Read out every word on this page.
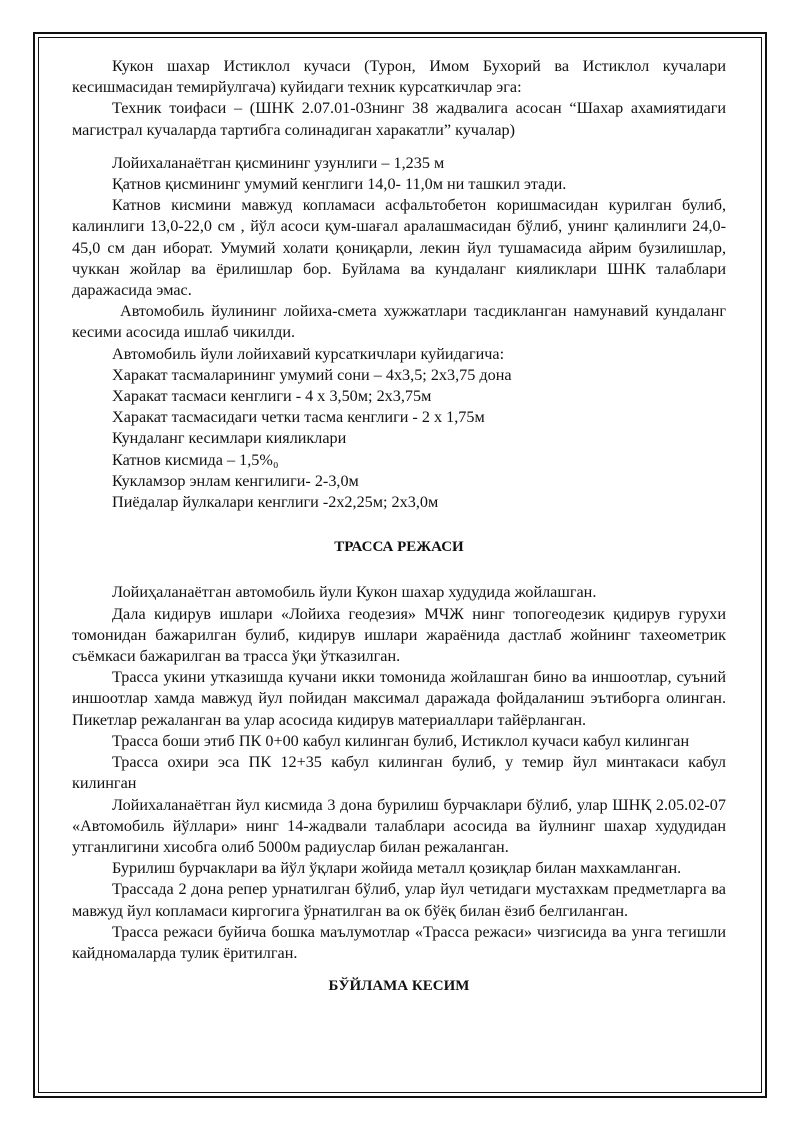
Кукон шахар Истиклол кучаси (Турон, Имом Бухорий ва Истиклол кучалари кесишмасидан темирйулгача) куйидаги техник курсаткичлар эга:

Техник тоифаси – (ШНК 2.07.01-03нинг 38 жадвалига асосан “Шахар ахамиятидаги магистрал кучаларда тартибга солинадиган харакатли” кучалар)

Лойихаланаётган қисмининг узунлиги – 1,235 м

Қатнов қисмининг умумий кенглиги 14,0- 11,0м ни ташкил этади.

Катнов кисмини мавжуд копламаси асфальтобетон коришмасидан курилган булиб, калинлиги 13,0-22,0 см , йўл асоси қум-шағал аралашмасидан бўлиб, унинг қалинлиги 24,0-45,0 см дан иборат. Умумий холати қониқарли, лекин йул тушамасида айрим бузилишлар, чуккан жойлар ва ёрилишлар бор. Буйлама ва кундаланг кияликлари ШНК талаблари даражасида эмас.

Автомобиль йулининг лойиха-смета хужжатлари тасдикланган намунавий кундаланг кесими асосида ишлаб чикилди.

Автомобиль йули лойихавий курсаткичлари куйидагича:

Харакат тасмаларининг умумий сони – 4х3,5; 2х3,75 дона

Харакат тасмаси кенглиги - 4 х 3,50м; 2х3,75м

Харакат тасмасидаги четки тасма кенглиги - 2 х 1,75м

Кундаланг кесимлари кияликлари

Катнов кисмида – 1,5%₀

Кукламзор энлам кенгилиги- 2-3,0м

Пиёдалар йулкалари кенглиги -2х2,25м; 2х3,0м

ТРАССА РЕЖАСИ

Лойиҳаланаётган автомобиль йули Кукон шахар худудида жойлашган.

Дала кидирув ишлари «Лойиха геодезия» МЧЖ нинг топогеодезик қидирув гурухи томонидан бажарилган булиб, кидирув ишлари жараёнида дастлаб жойнинг тахеометрик съёмкаси бажарилган ва трасса ўқи ўтказилган.

Трасса укини утказишда кучани икки томонида жойлашган бино ва иншоотлар, суъний иншоотлар хамда мавжуд йул пойидан максимал даражада фойдаланиш эътиборга олинган. Пикетлар режаланган ва улар асосида кидирув материаллари тайёрланган.

Трасса боши этиб ПК 0+00 кабул килинган булиб, Истиклол кучаси кабул килинган

Трасса охири эса ПК 12+35 кабул килинган булиб, у темир йул минтакаси кабул килинган

Лойихаланаётган йул кисмида 3 дона бурилиш бурчаклари бўлиб, улар ШНҚ 2.05.02-07 «Автомобиль йўллари» нинг 14-жадвали талаблари асосида ва йулнинг шахар худудидан утганлигини хисобга олиб 5000м радиуслар билан режаланган.

Бурилиш бурчаклари ва йўл ўқлари жойида металл қозиқлар билан махкамланган.

Трассада 2 дона репер урнатилган бўлиб, улар йул четидаги мустахкам предметларга ва мавжуд йул копламаси киргогига ўрнатилган ва ок бўёқ билан ёзиб белгиланган.

Трасса режаси буйича бошка маълумотлар «Трасса режаси» чизгисида ва унга тегишли кайдномаларда тулик ёритилган.

БЎЙЛАМА КЕСИМ
